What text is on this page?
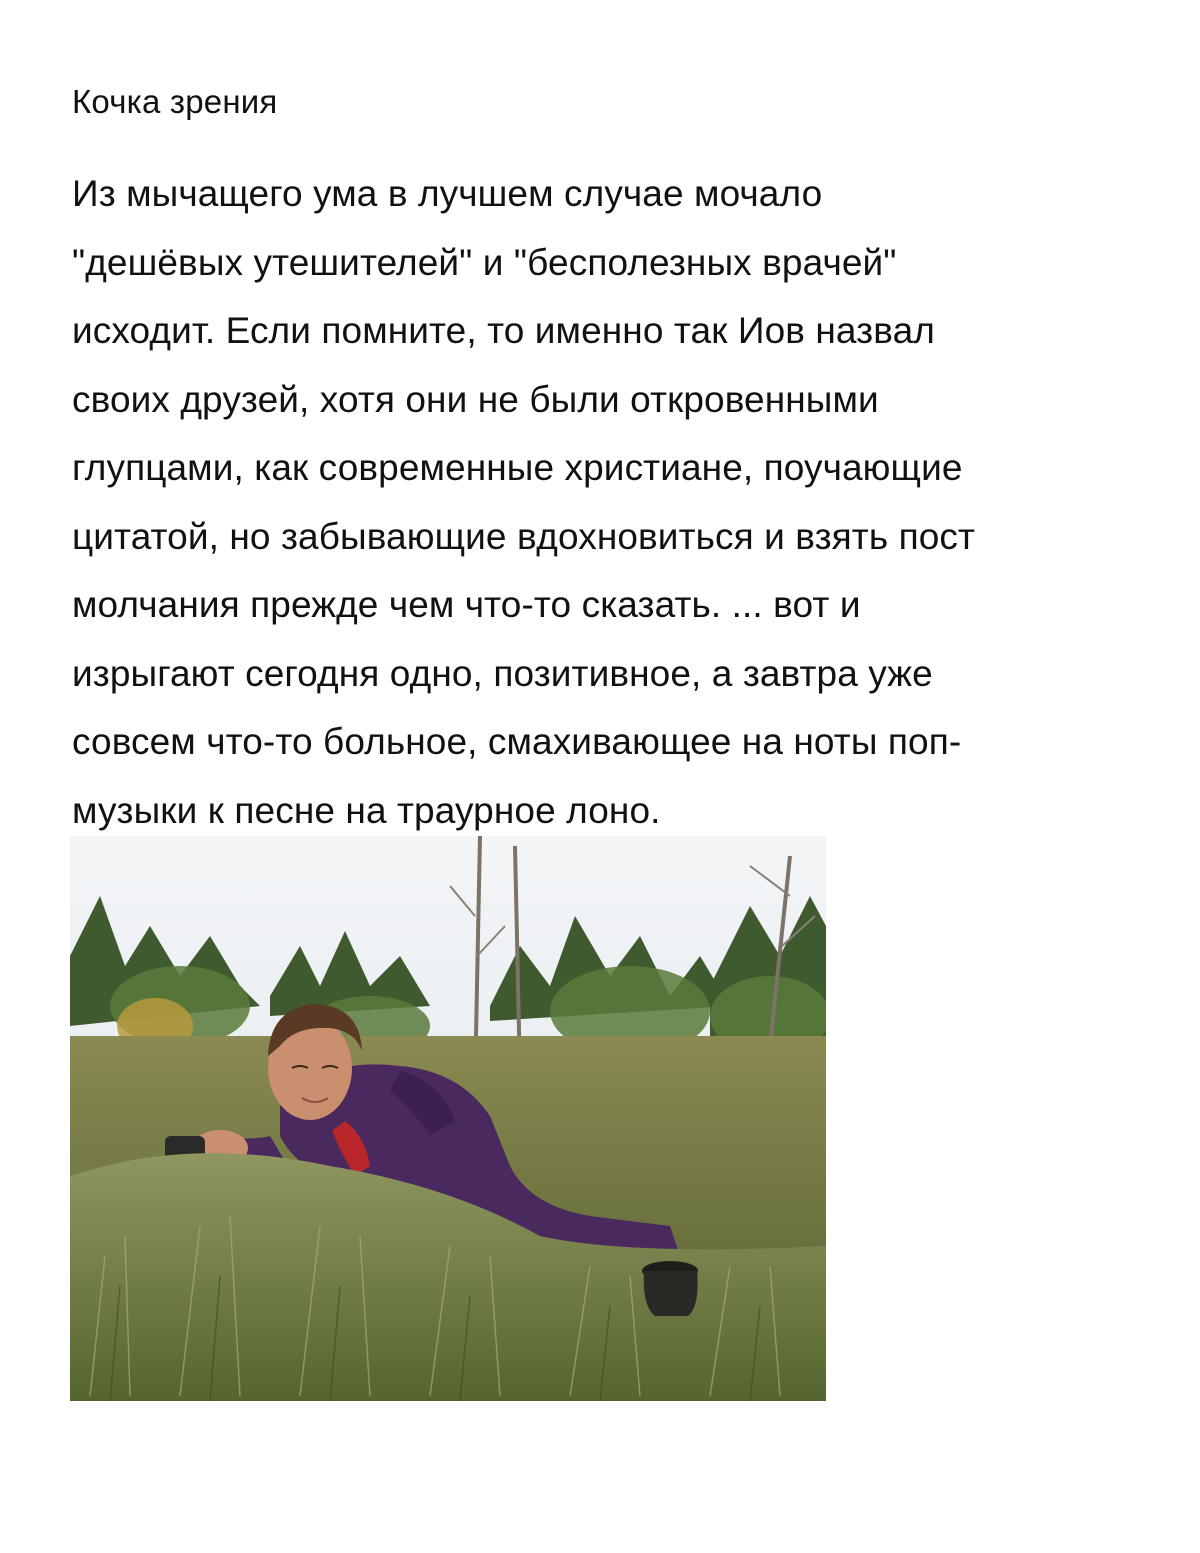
Кочка зрения

Из мычащего ума в лучшем случае мочало
"дешёвых утешителей" и "бесполезных врачей"
исходит. Если помните, то именно так Иов назвал
своих друзей, хотя они не были откровенными
глупцами, как современные христиане, поучающие
цитатой, но забывающие вдохновиться и взять пост
молчания прежде чем что-то сказать. ... вот и
изрыгают сегодня одно, позитивное, а завтра уже
совсем что-то больное, смахивающее на ноты поп-
музыки к песне на траурное лоно.
